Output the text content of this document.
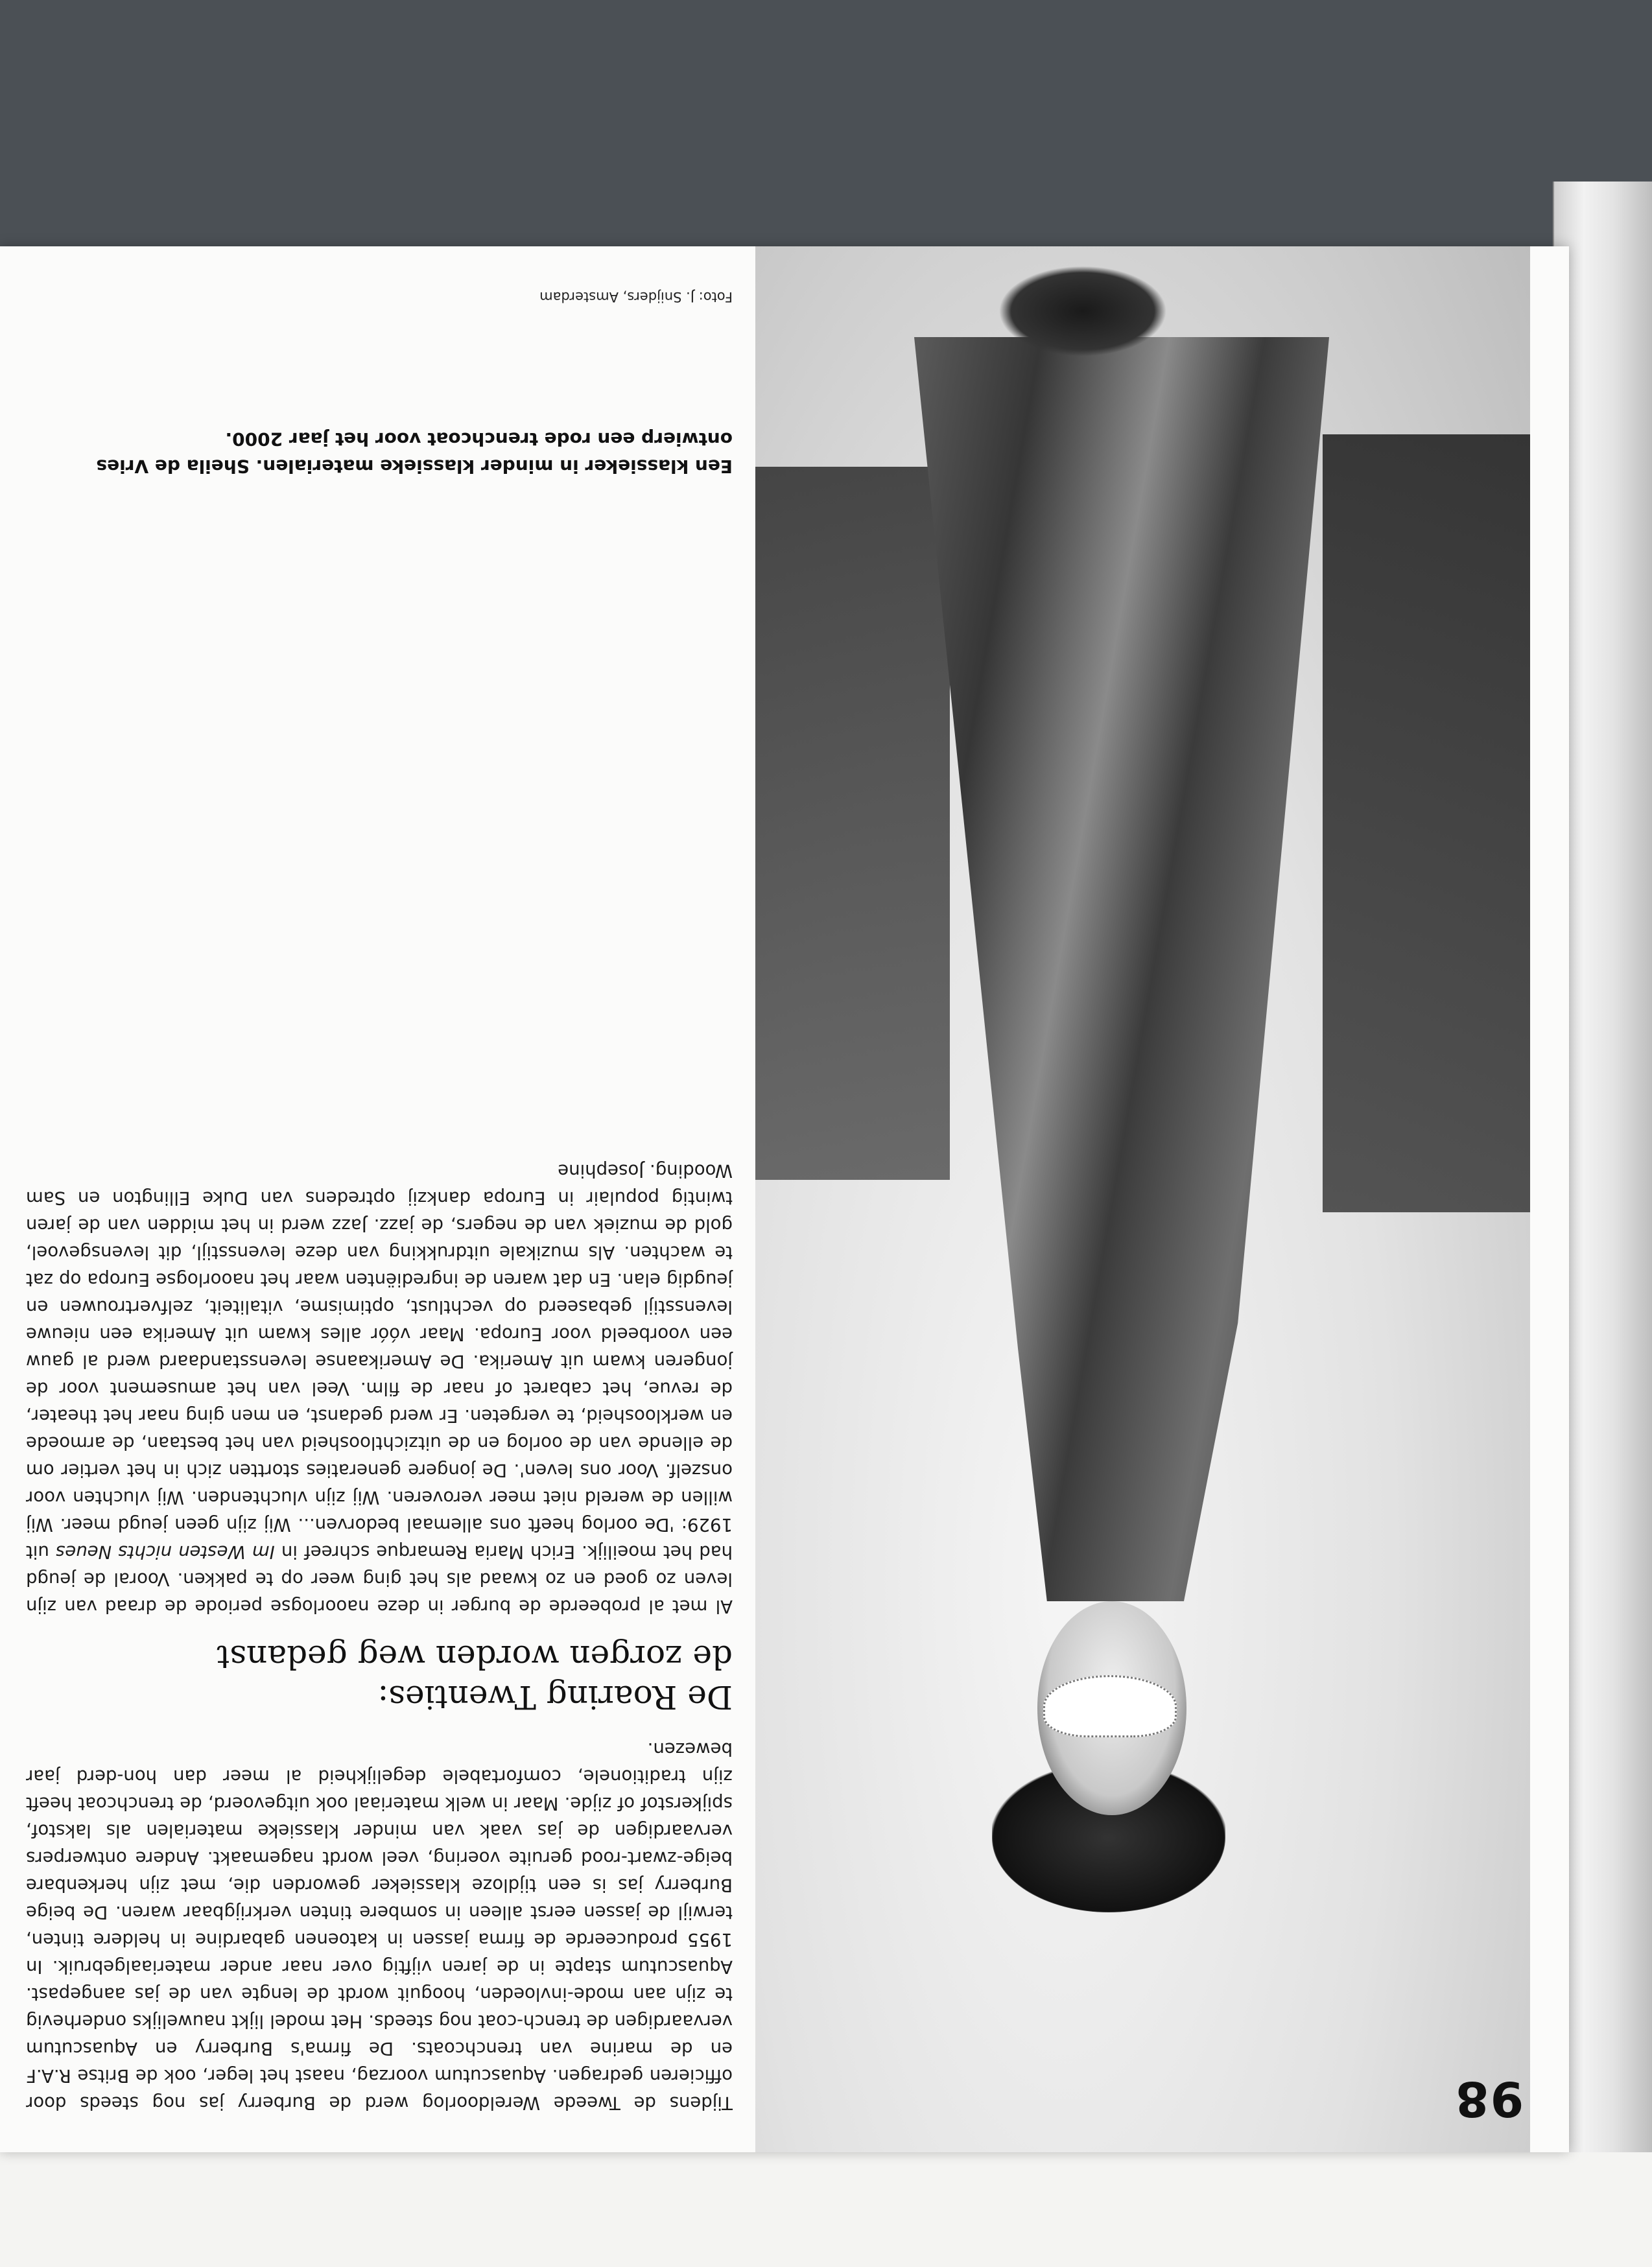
98

Tijdens de Tweede Wereldoorlog werd de Burberry jas nog steeds door officieren gedragen. Aquascutum voorzag, naast het leger, ook de Britse R.A.F en de marine van trenchcoats. De firma's Burberry en Aquascutum vervaardigen de trench-coat nog steeds. Het model lijkt nauwelijks onderhevig te zijn aan mode-invloeden, hooguit wordt de lengte van de jas aangepast. Aquascutum stapte in de jaren vijftig over naar ander materiaalgebruik. In 1955 produceerde de firma jassen in katoenen gabardine in heldere tinten, terwijl de jassen eerst alleen in sombere tinten verkrijgbaar waren. De beige Burberry jas is een tijdloze klassieker geworden die, met zijn herkenbare beige-zwart-rood geruite voering, veel wordt nagemaakt. Andere ontwerpers vervaardigen de jas vaak van minder klassieke materialen als lakstof, spijkerstof of zijde. Maar in welk materiaal ook uitgevoerd, de trenchcoat heeft zijn traditionele, comfortabele degelijkheid al meer dan hon-derd jaar bewezen.

De Roaring Twenties:
de zorgen worden weg gedanst

Al met al probeerde de burger in deze naoorlogse periode de draad van zijn leven zo goed en zo kwaad als het ging weer op te pakken. Vooral de jeugd had het moeilijk. Erich Maria Remarque schreef in Im Westen nichts Neues uit 1929: 'De oorlog heeft ons allemaal bedorven... Wij zijn geen jeugd meer. Wij willen de wereld niet meer veroveren. Wij zijn vluchtenden. Wij vluchten voor onszelf. Voor ons leven'. De jongere generaties stortten zich in het vertier om de ellende van de oorlog en de uitzichtloosheid van het bestaan, de armoede en werkloosheid, te vergeten. Er werd gedanst, en men ging naar het theater, de revue, het cabaret of naar de film. Veel van het amusement voor de jongeren kwam uit Amerika. De Amerikaanse levensstandaard werd al gauw een voorbeeld voor Europa. Maar vóór alles kwam uit Amerika een nieuwe levensstijl gebaseerd op vechtlust, optimisme, vitaliteit, zelfvertrouwen en jeugdig elan. En dat waren de ingrediënten waar het naoorlogse Europa op zat te wachten. Als muzikale uitdrukking van deze levensstijl, dit levensgevoel, gold de muziek van de negers, de jazz. Jazz werd in het midden van de jaren twintig populair in Europa dankzij optredens van Duke Ellington en Sam Wooding. Josephine

Een klassieker in minder klassieke materialen. Sheila de Vries ontwierp een rode trenchcoat voor het jaar 2000.
Foto: J. Snijders, Amsterdam
